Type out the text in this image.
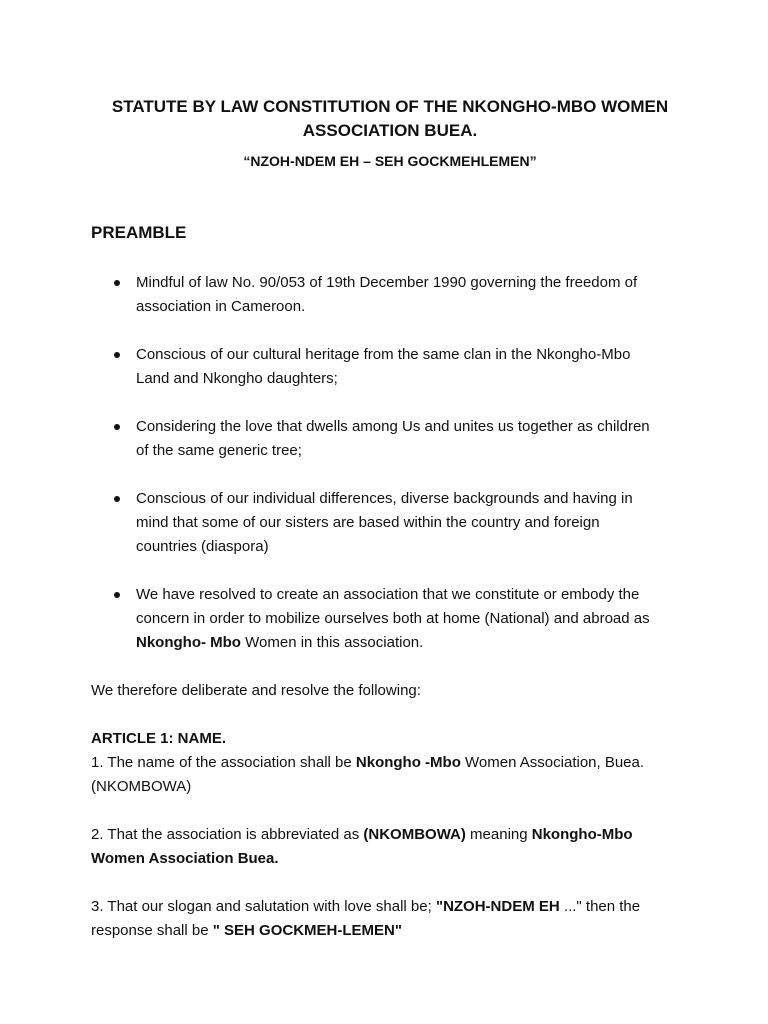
STATUTE BY LAW CONSTITUTION OF THE NKONGHO-MBO WOMEN
ASSOCIATION BUEA.
“NZOH-NDEM EH – SEH GOCKMEHLEMEN”
PREAMBLE
Mindful of law No. 90/053 of 19th December 1990 governing the freedom of
association in Cameroon.
Conscious of our cultural heritage from the same clan in the Nkongho-Mbo
Land and Nkongho daughters;
Considering the love that dwells among Us and unites us together as children
of the same generic tree;
Conscious of our individual differences, diverse backgrounds and having in
mind that some of our sisters are based within the country and foreign
countries (diaspora)
We have resolved to create an association that we constitute or embody the
concern in order to mobilize ourselves both at home (National) and abroad as
Nkongho- Mbo Women in this association.
We therefore deliberate and resolve the following:
ARTICLE 1: NAME.
1. The name of the association shall be Nkongho -Mbo Women Association, Buea.
(NKOMBOWA)
2. That the association is abbreviated as (NKOMBOWA) meaning Nkongho-Mbo
Women Association Buea.
3. That our slogan and salutation with love shall be; "NZOH-NDEM EH ..." then the
response shall be " SEH GOCKMEH-LEMEN"
